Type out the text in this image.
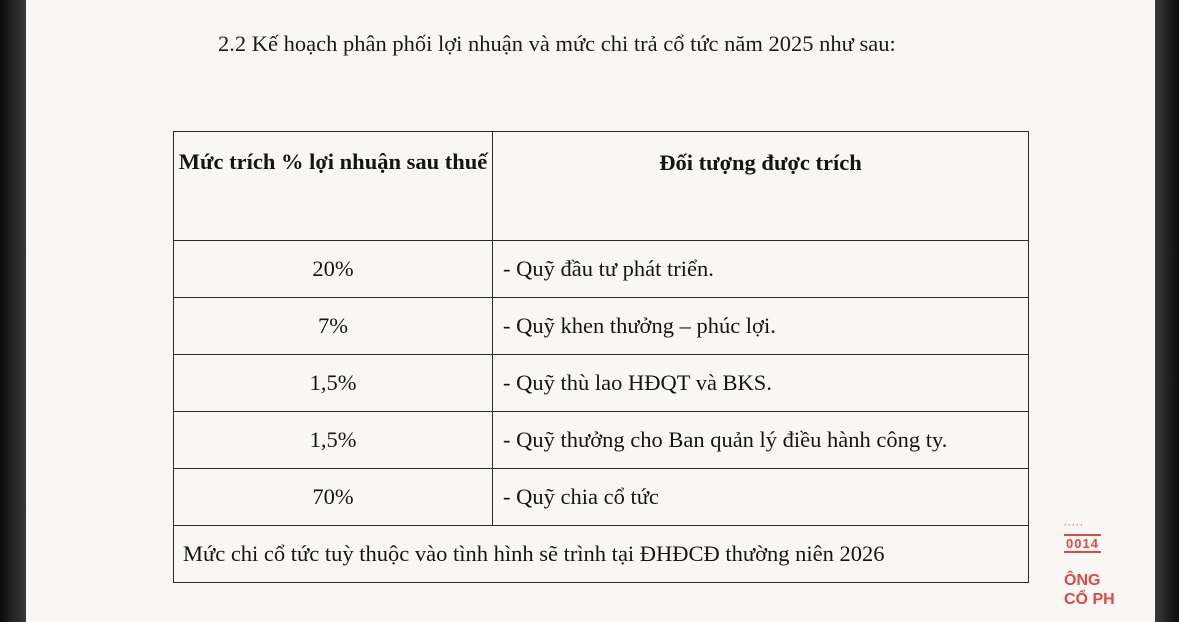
2.2 Kế hoạch phân phối lợi nhuận và mức chi trả cổ tức năm 2025 như sau:
Mức trích % lợi nhuận sau thuế	Đối tượng được trích
20%	- Quỹ đầu tư phát triển.
7%	- Quỹ khen thưởng – phúc lợi.
1,5%	- Quỹ thù lao HĐQT và BKS.
1,5%	- Quỹ thưởng cho Ban quản lý điều hành công ty.
70%	- Quỹ chia cổ tức
Mức chi cổ tức tuỳ thuộc vào tình hình sẽ trình tại ĐHĐCĐ thường niên 2026	
·····
0014
ÔNG
CỔ PH
